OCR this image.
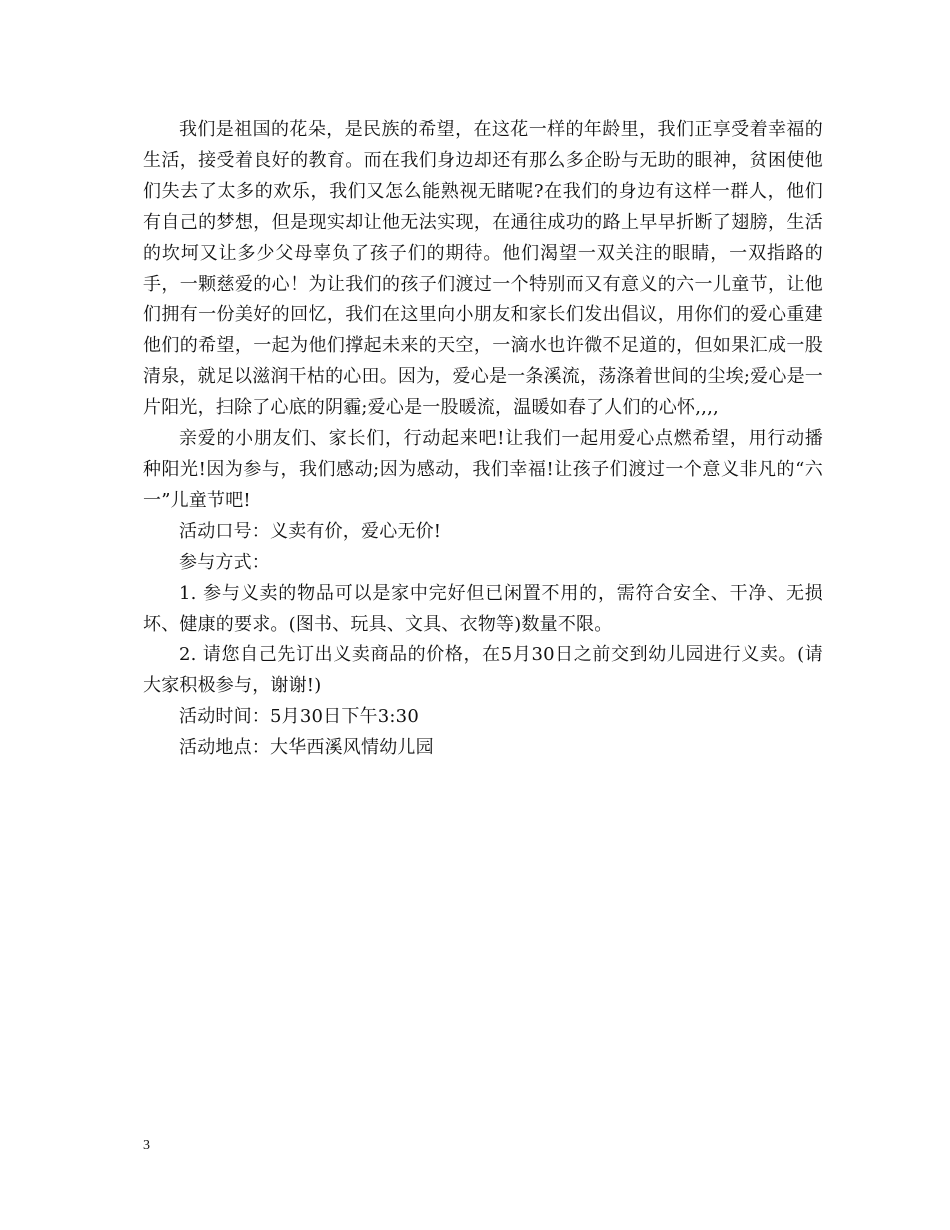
我们是祖国的花朵，是民族的希望，在这花一样的年龄里，我们正享受着幸福的生活，接受着良好的教育。而在我们身边却还有那么多企盼与无助的眼神，贫困使他们失去了太多的欢乐，我们又怎么能熟视无睹呢?在我们的身边有这样一群人，他们有自己的梦想，但是现实却让他无法实现，在通往成功的路上早早折断了翅膀，生活的坎坷又让多少父母辜负了孩子们的期待。他们渴望一双关注的眼睛，一双指路的手，一颗慈爱的心！为让我们的孩子们渡过一个特别而又有意义的六一儿童节，让他们拥有一份美好的回忆，我们在这里向小朋友和家长们发出倡议，用你们的爱心重建他们的希望，一起为他们撑起未来的天空，一滴水也许微不足道的，但如果汇成一股清泉，就足以滋润干枯的心田。因为，爱心是一条溪流，荡涤着世间的尘埃;爱心是一片阳光，扫除了心底的阴霾;爱心是一股暖流，温暖如春了人们的心怀,,,,

亲爱的小朋友们、家长们，行动起来吧!让我们一起用爱心点燃希望，用行动播种阳光!因为参与，我们感动;因为感动，我们幸福!让孩子们渡过一个意义非凡的“六一”儿童节吧!

活动口号：义卖有价，爱心无价!

参与方式：

1. 参与义卖的物品可以是家中完好但已闲置不用的，需符合安全、干净、无损坏、健康的要求。(图书、玩具、文具、衣物等)数量不限。

2. 请您自己先订出义卖商品的价格，在5月30日之前交到幼儿园进行义卖。(请大家积极参与，谢谢!)

活动时间：5月30日下午3:30

活动地点：大华西溪风情幼儿园

3
